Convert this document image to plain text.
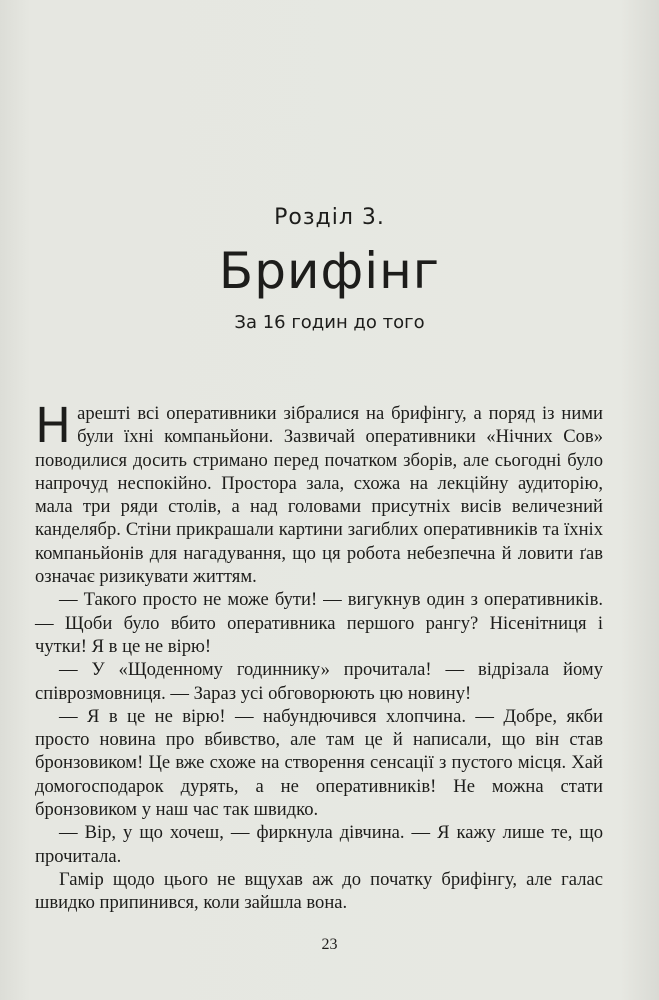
Розділ 3.
Брифінг
За 16 годин до того

Нарешті всі оперативники зібралися на брифінгу, а поряд із ними були їхні компаньйони. Зазвичай оперативники «Нічних Сов» поводилися досить стримано перед початком зборів, але сьогодні було напрочуд неспокійно. Простора зала, схожа на лекційну аудиторію, мала три ряди столів, а над головами присутніх висів величезний канделябр. Стіни прикрашали картини загиблих оперативників та їхніх компаньйонів для нагадування, що ця робота небезпечна й ловити ґав означає ризикувати життям.

— Такого просто не може бути! — вигукнув один з оперативників. — Щоби було вбито оперативника першого рангу? Нісенітниця і чутки! Я в це не вірю!

— У «Щоденному годиннику» прочитала! — відрізала йому співрозмовниця. — Зараз усі обговорюють цю новину!

— Я в це не вірю! — набундючився хлопчина. — Добре, якби просто новина про вбивство, але там це й написали, що він став бронзовиком! Це вже схоже на створення сенсації з пустого місця. Хай домогосподарок дурять, а не оперативників! Не можна стати бронзовиком у наш час так швидко.

— Вір, у що хочеш, — фиркнула дівчина. — Я кажу лише те, що прочитала.

Гамір щодо цього не вщухав аж до початку брифінгу, але галас швидко припинився, коли зайшла вона.

23
